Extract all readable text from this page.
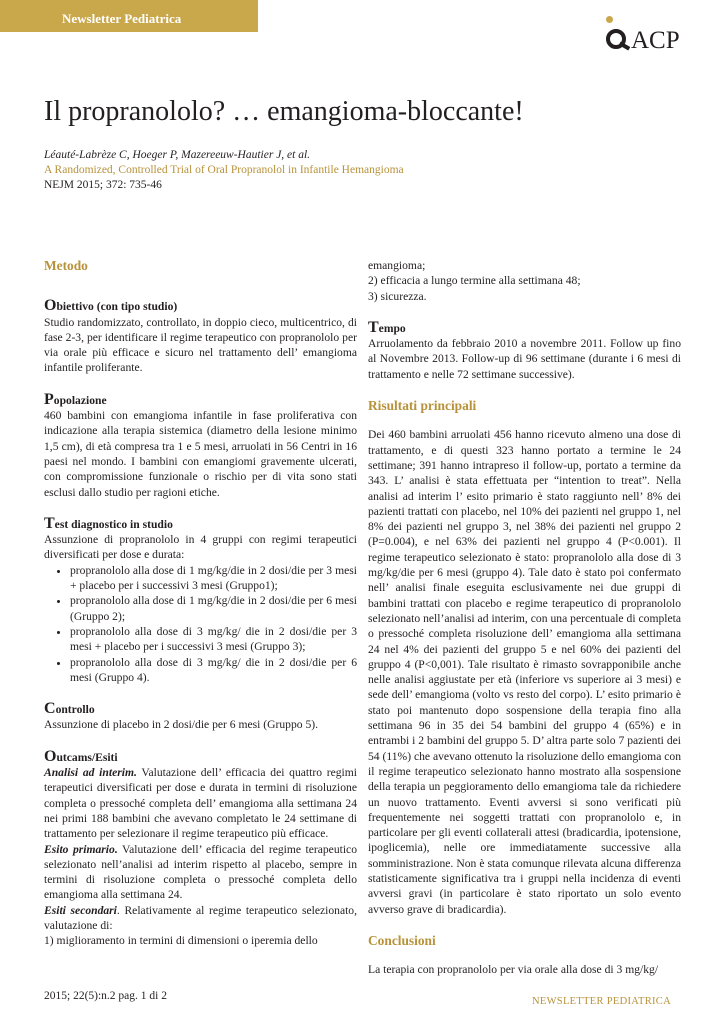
Newsletter Pediatrica
ACP
Il propranololo? … emangioma-bloccante!
Léauté-Labrèze C, Hoeger P, Mazereeuw-Hautier J, et al.
A Randomized, Controlled Trial of Oral Propranolol in Infantile Hemangioma
NEJM 2015; 372: 735-46

Metodo

Obiettivo (con tipo studio)

Studio randomizzato, controllato, in doppio cieco, multicentrico, di fase 2-3, per identificare il regime terapeutico con propranololo per via orale più efficace e sicuro nel trattamento dell’ emangioma infantile proliferante.

Popolazione

460 bambini con emangioma infantile in fase proliferativa con indicazione alla terapia sistemica (diametro della lesione minimo 1,5 cm), di età compresa tra 1 e 5 mesi, arruolati in 56 Centri in 16 paesi nel mondo. I bambini con emangiomi gravemente ulcerati, con compromissione funzionale o rischio per di vita sono stati esclusi dallo studio per ragioni etiche.

Test diagnostico in studio

Assunzione di propranololo in 4 gruppi con regimi terapeutici diversificati per dose e durata:

• propranololo alla dose di 1 mg/kg/die in 2 dosi/die per 3 mesi + placebo per i successivi 3 mesi (Gruppo1);
• propranololo alla dose di 1 mg/kg/die in 2 dosi/die per 6 mesi (Gruppo 2);
• propranololo alla dose di 3 mg/kg/ die in 2 dosi/die per 3 mesi + placebo per i successivi 3 mesi (Gruppo 3);
• propranololo alla dose di 3 mg/kg/ die in 2 dosi/die per 6 mesi (Gruppo 4).

Controllo

Assunzione di placebo in 2 dosi/die per 6 mesi (Gruppo 5).

Outcams/Esiti

Analisi ad interim. Valutazione dell’ efficacia dei quattro regimi terapeutici diversificati per dose e durata in termini di risoluzione completa o pressoché completa dell’ emangioma alla settimana 24 nei primi 188 bambini che avevano completato le 24 settimane di trattamento per selezionare il regime terapeutico più efficace.

Esito primario. Valutazione dell’ efficacia del regime terapeutico selezionato nell’analisi ad interim rispetto al placebo, sempre in termini di risoluzione completa o pressoché completa dello emangioma alla settimana 24.

Esiti secondari. Relativamente al regime terapeutico selezionato, valutazione di:

1) miglioramento in termini di dimensioni o iperemia dello

emangioma;

2) efficacia a lungo termine alla settimana 48;

3) sicurezza.

Tempo

Arruolamento da febbraio 2010 a novembre 2011. Follow up fino al Novembre 2013. Follow-up di 96 settimane (durante i 6 mesi di trattamento e nelle 72 settimane successive).

Risultati principali

Dei 460 bambini arruolati 456 hanno ricevuto almeno una dose di trattamento, e di questi 323 hanno portato a termine le 24 settimane; 391 hanno intrapreso il follow-up, portato a termine da 343. L’ analisi è stata effettuata per “intention to treat”. Nella analisi ad interim l’ esito primario è stato raggiunto nell’ 8% dei pazienti trattati con placebo, nel 10% dei pazienti nel gruppo 1, nel 8% dei pazienti nel gruppo 3, nel 38% dei pazienti nel gruppo 2 (P=0.004), e nel 63% dei pazienti nel gruppo 4 (P<0.001). Il regime terapeutico selezionato è stato: propranololo alla dose di 3 mg/kg/die per 6 mesi (gruppo 4). Tale dato è stato poi confermato nell’ analisi finale eseguita esclusivamente nei due gruppi di bambini trattati con placebo e regime terapeutico di propranololo selezionato nell’analisi ad interim, con una percentuale di completa o pressoché completa risoluzione dell’ emangioma alla settimana 24 nel 4% dei pazienti del gruppo 5 e nel 60% dei pazienti del gruppo 4 (P<0,001). Tale risultato è rimasto sovrapponibile anche nelle analisi aggiustate per età (inferiore vs superiore ai 3 mesi) e sede dell’ emangioma (volto vs resto del corpo). L’ esito primario è stato poi mantenuto dopo sospensione della terapia fino alla settimana 96 in 35 dei 54 bambini del gruppo 4 (65%) e in entrambi i 2 bambini del gruppo 5. D’ altra parte solo 7 pazienti dei 54 (11%) che avevano ottenuto la risoluzione dello emangioma con il regime terapeutico selezionato hanno mostrato alla sospensione della terapia un peggioramento dello emangioma tale da richiedere un nuovo trattamento. Eventi avversi si sono verificati più frequentemente nei soggetti trattati con propranololo e, in particolare per gli eventi collaterali attesi (bradicardia, ipotensione, ipoglicemia), nelle ore immediatamente successive alla somministrazione. Non è stata comunque rilevata alcuna differenza statisticamente significativa tra i gruppi nella incidenza di eventi avversi gravi (in particolare è stato riportato un solo evento avverso grave di bradicardia).

Conclusioni

La terapia con propranololo per via orale alla dose di 3 mg/kg/

2015; 22(5):n.2 pag. 1 di 2	NEWSLETTER PEDIATRICA
